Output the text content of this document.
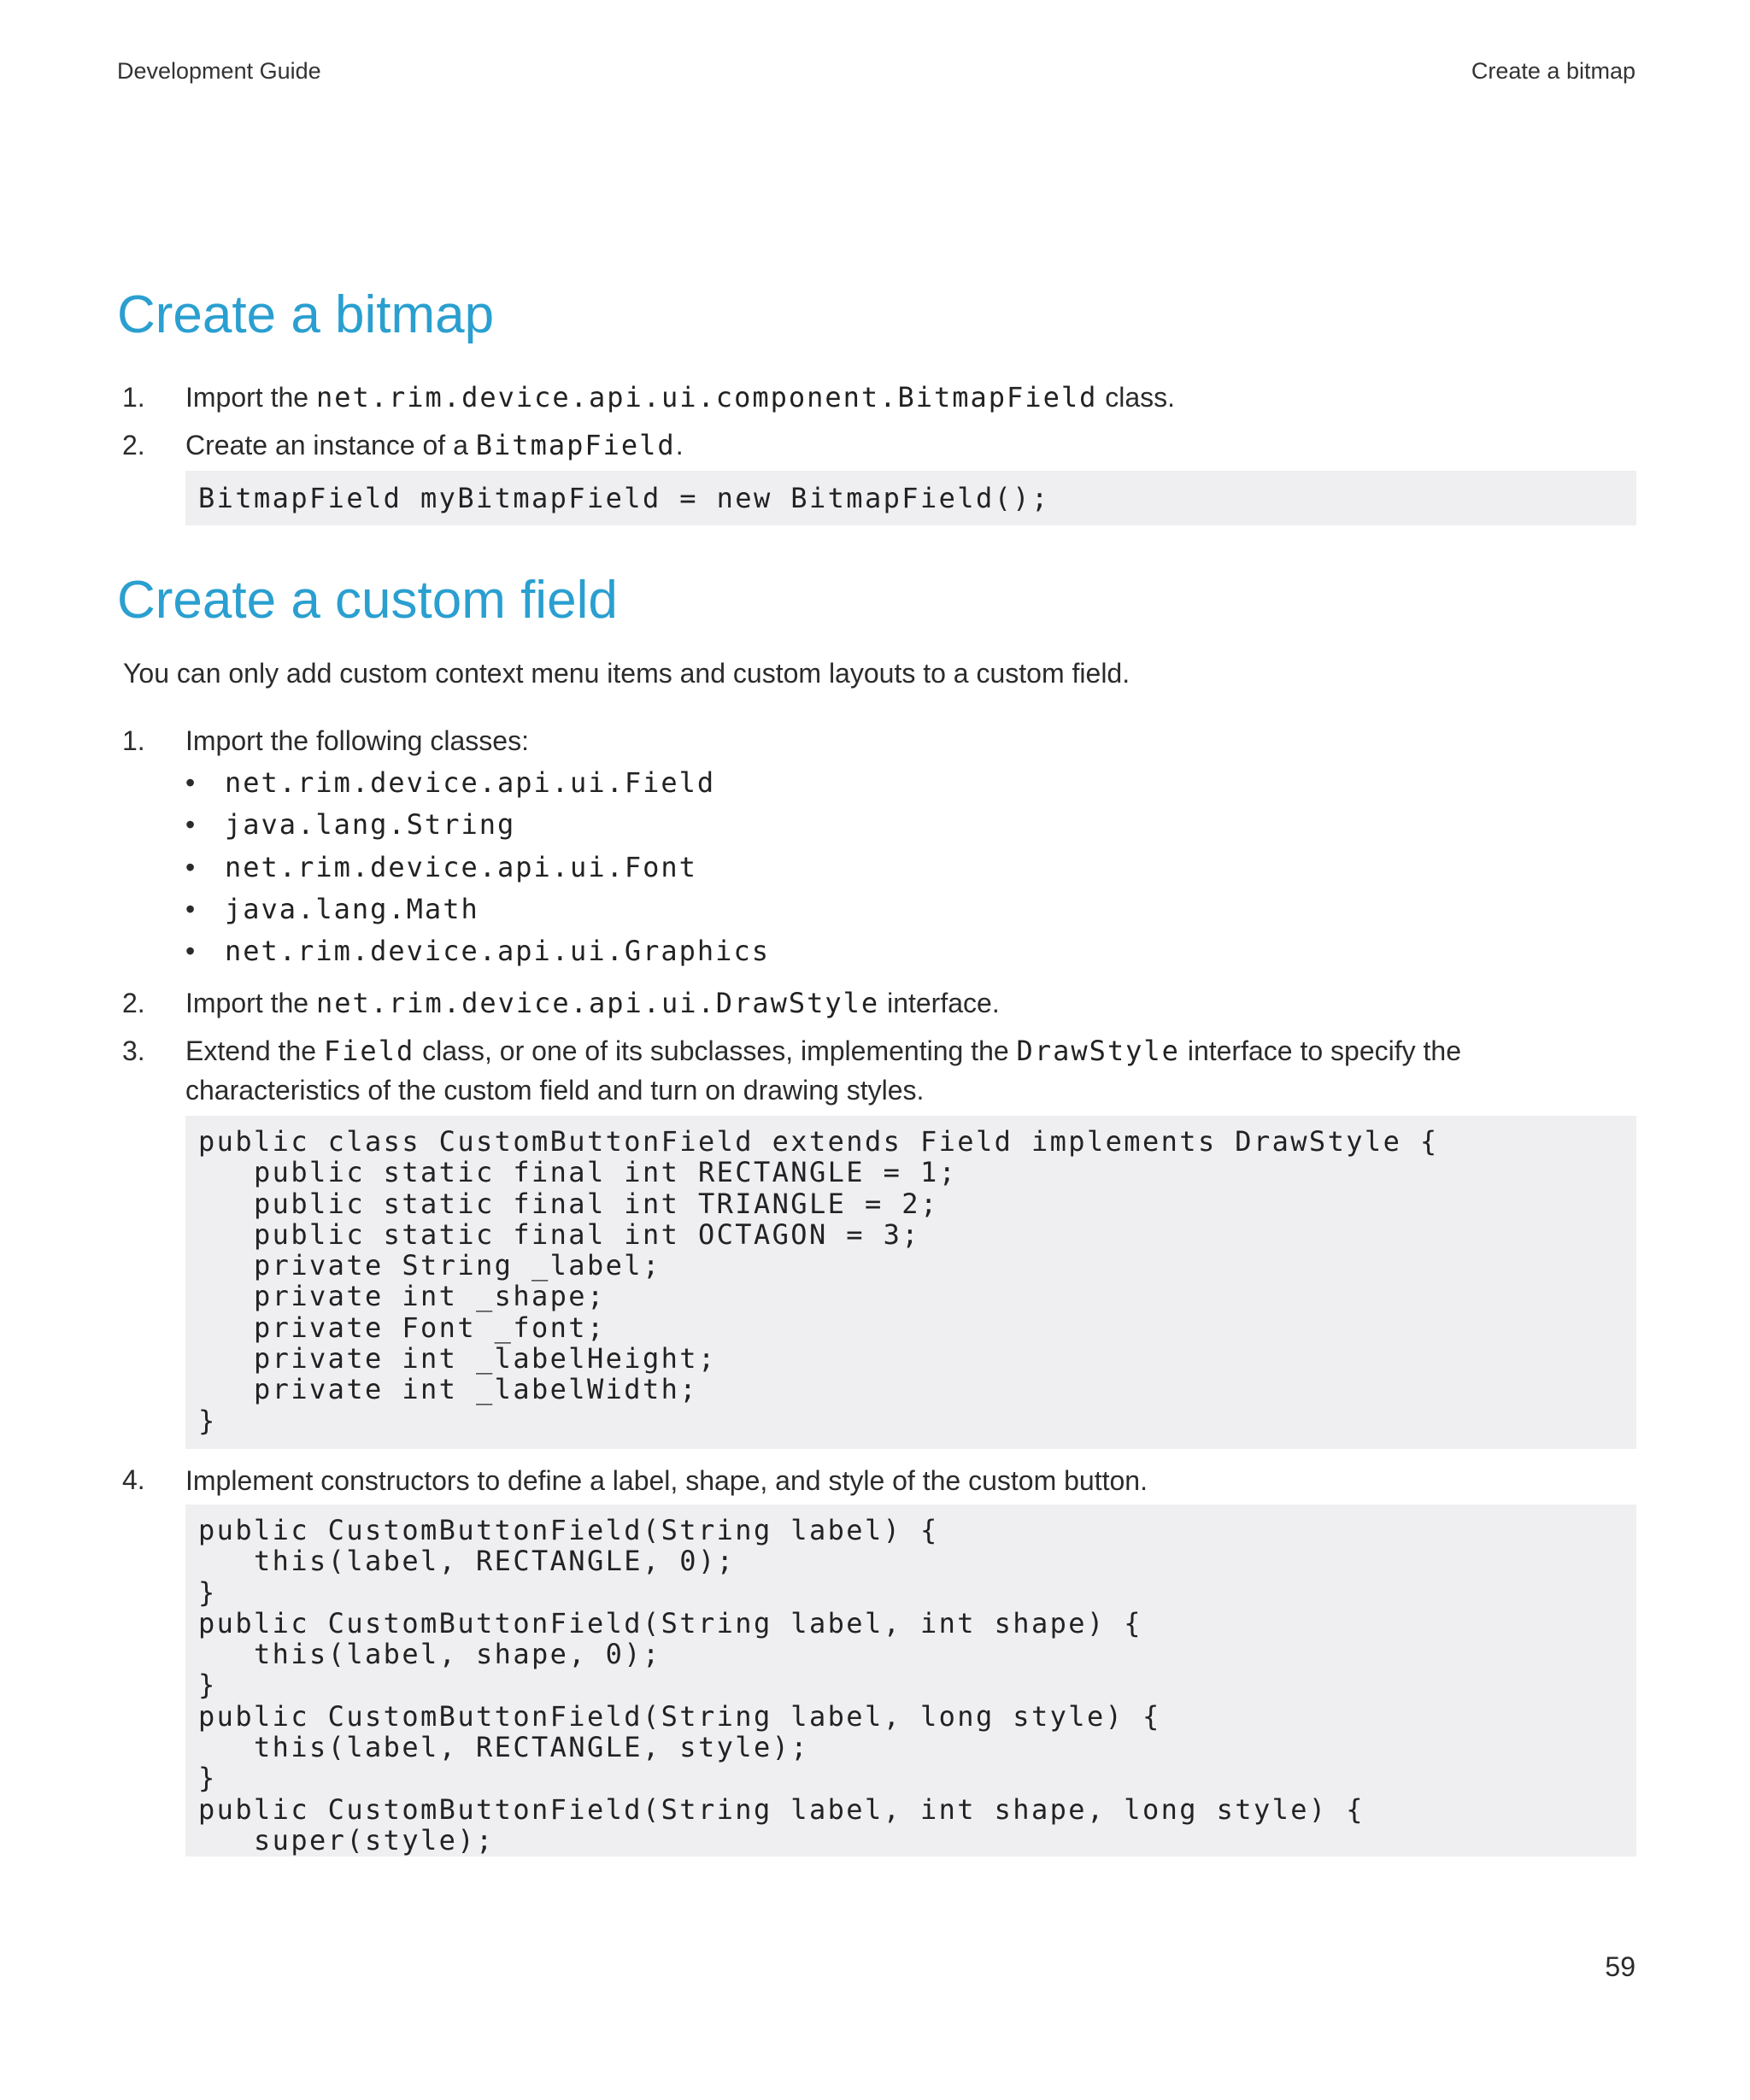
Development Guide	Create a bitmap
Create a bitmap
1. Import the net.rim.device.api.ui.component.BitmapField class.
2. Create an instance of a BitmapField.
BitmapField myBitmapField = new BitmapField();
Create a custom field
You can only add custom context menu items and custom layouts to a custom field.
1. Import the following classes:
• net.rim.device.api.ui.Field
• java.lang.String
• net.rim.device.api.ui.Font
• java.lang.Math
• net.rim.device.api.ui.Graphics
2. Import the net.rim.device.api.ui.DrawStyle interface.
3. Extend the Field class, or one of its subclasses, implementing the DrawStyle interface to specify the characteristics of the custom field and turn on drawing styles.
public class CustomButtonField extends Field implements DrawStyle {
public static final int RECTANGLE = 1;
public static final int TRIANGLE = 2;
public static final int OCTAGON = 3;
private String _label;
private int _shape;
private Font _font;
private int _labelHeight;
private int _labelWidth;
}
4. Implement constructors to define a label, shape, and style of the custom button.
public CustomButtonField(String label) {
this(label, RECTANGLE, 0);
}
public CustomButtonField(String label, int shape) {
this(label, shape, 0);
}
public CustomButtonField(String label, long style) {
this(label, RECTANGLE, style);
}
public CustomButtonField(String label, int shape, long style) {
super(style);
59
